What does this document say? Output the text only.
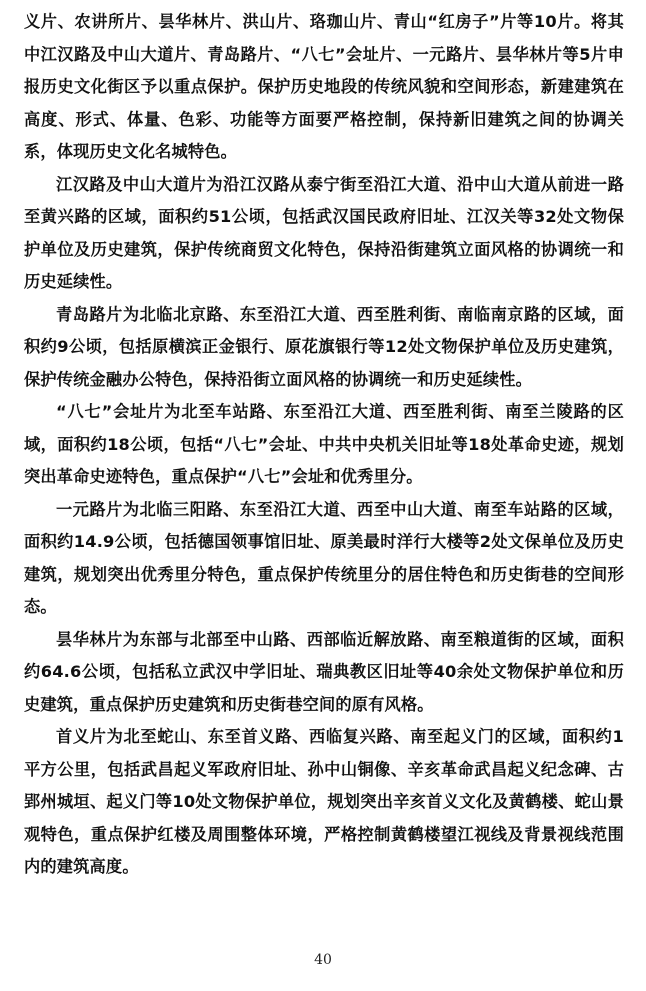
义片、农讲所片、昙华林片、洪山片、珞珈山片、青山“红房子”片等10片。将其中江汉路及中山大道片、青岛路片、“八七”会址片、一元路片、昙华林片等5片申报历史文化街区予以重点保护。保护历史地段的传统风貌和空间形态，新建建筑在高度、形式、体量、色彩、功能等方面要严格控制，保持新旧建筑之间的协调关系，体现历史文化名城特色。

江汉路及中山大道片为沿江汉路从泰宁街至沿江大道、沿中山大道从前进一路至黄兴路的区域，面积约51公顷，包括武汉国民政府旧址、江汉关等32处文物保护单位及历史建筑，保护传统商贸文化特色，保持沿街建筑立面风格的协调统一和历史延续性。

青岛路片为北临北京路、东至沿江大道、西至胜利街、南临南京路的区域，面积约9公顷，包括原横滨正金银行、原花旗银行等12处文物保护单位及历史建筑，保护传统金融办公特色，保持沿街立面风格的协调统一和历史延续性。

“八七”会址片为北至车站路、东至沿江大道、西至胜利街、南至兰陵路的区域，面积约18公顷，包括“八七”会址、中共中央机关旧址等18处革命史迹，规划突出革命史迹特色，重点保护“八七”会址和优秀里分。

一元路片为北临三阳路、东至沿江大道、西至中山大道、南至车站路的区域，面积约14.9公顷，包括德国领事馆旧址、原美最时洋行大楼等2处文保单位及历史建筑，规划突出优秀里分特色，重点保护传统里分的居住特色和历史街巷的空间形态。

昙华林片为东部与北部至中山路、西部临近解放路、南至粮道街的区域，面积约64.6公顷，包括私立武汉中学旧址、瑞典教区旧址等40余处文物保护单位和历史建筑，重点保护历史建筑和历史街巷空间的原有风格。

首义片为北至蛇山、东至首义路、西临复兴路、南至起义门的区域，面积约1平方公里，包括武昌起义军政府旧址、孙中山铜像、辛亥革命武昌起义纪念碑、古郢州城垣、起义门等10处文物保护单位，规划突出辛亥首义文化及黄鹤楼、蛇山景观特色，重点保护红楼及周围整体环境，严格控制黄鹤楼望江视线及背景视线范围内的建筑高度。

40
